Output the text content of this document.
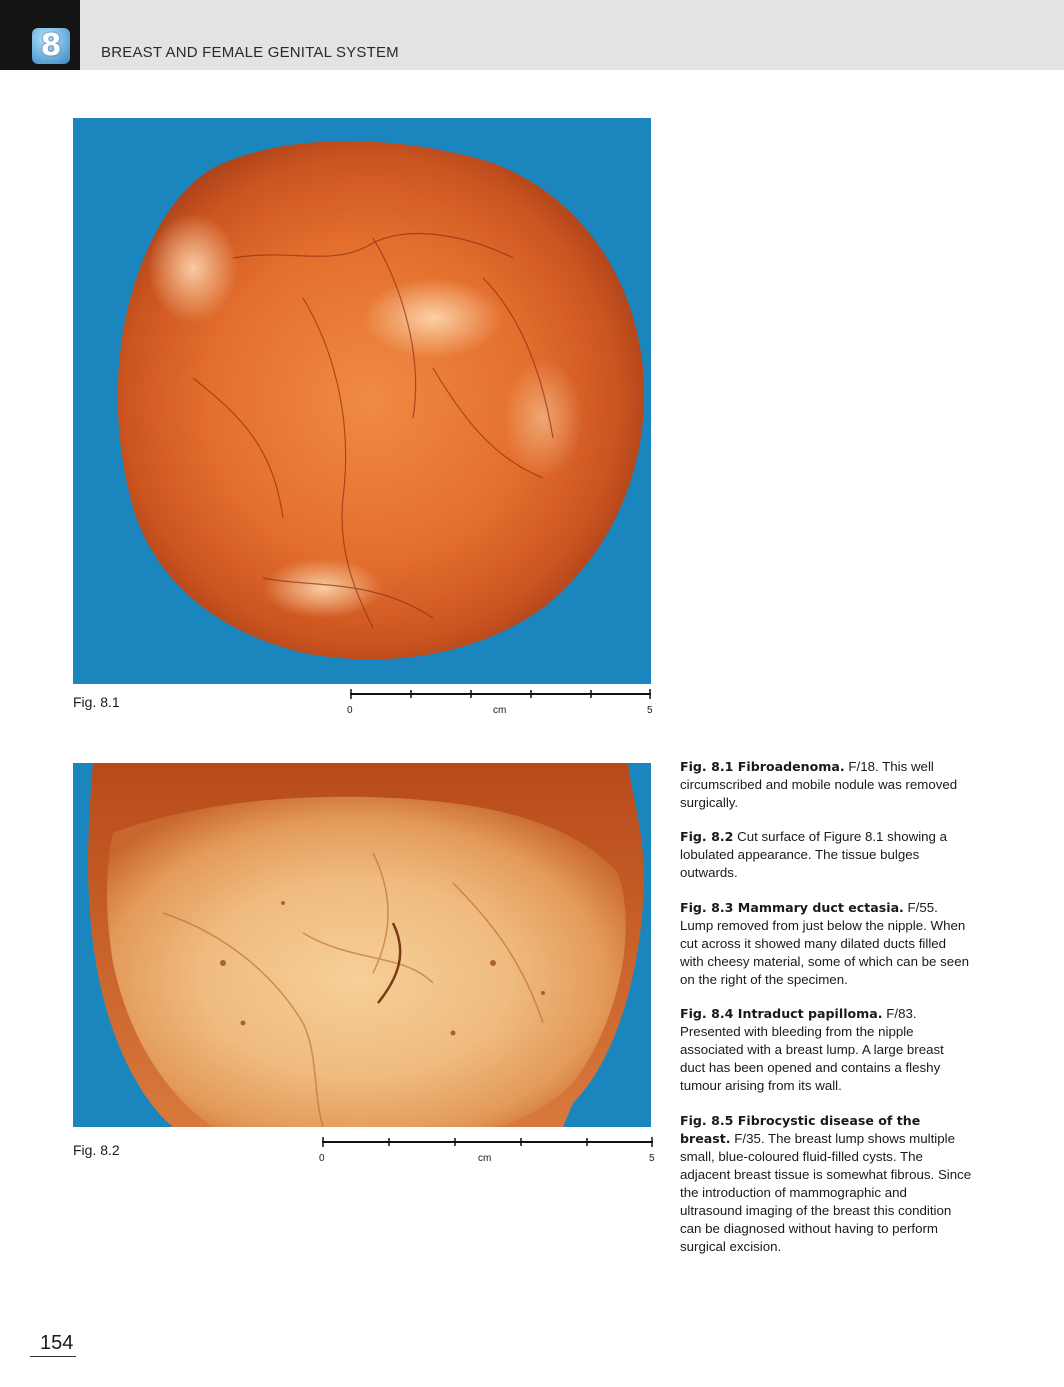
8	BREAST AND FEMALE GENITAL SYSTEM
Fig. 8.1
0	cm	5
Fig. 8.2
0	cm	5

Fig. 8.1 Fibroadenoma. F/18. This well circumscribed and mobile nodule was removed surgically.

Fig. 8.2 Cut surface of Figure 8.1 showing a lobulated appearance. The tissue bulges outwards.

Fig. 8.3 Mammary duct ectasia. F/55. Lump removed from just below the nipple. When cut across it showed many dilated ducts filled with cheesy material, some of which can be seen on the right of the specimen.

Fig. 8.4 Intraduct papilloma. F/83. Presented with bleeding from the nipple associated with a breast lump. A large breast duct has been opened and contains a fleshy tumour arising from its wall.

Fig. 8.5 Fibrocystic disease of the breast. F/35. The breast lump shows multiple small, blue-coloured fluid-filled cysts. The adjacent breast tissue is somewhat fibrous. Since the introduction of mammographic and ultrasound imaging of the breast this condition can be diagnosed without having to perform surgical excision.

154
